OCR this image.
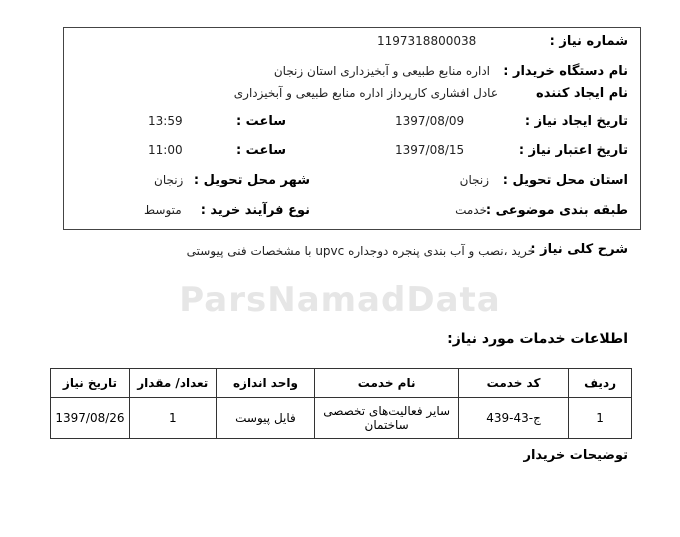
ParsNamadData
شماره نیاز :
1197318800038
نام دستگاه خریدار :
اداره منابع طبیعی و آبخیزداری استان زنجان
نام ایجاد کننده
عادل افشاری کارپرداز اداره منابع طبیعی و آبخیزداری
تاریخ ایجاد نیاز :
1397/08/09
ساعت :
13:59
تاریخ اعتبار نیاز :
1397/08/15
ساعت :
11:00
استان محل تحویل :
زنجان
شهر محل تحویل :
زنجان
طبقه بندی موضوعی :
خدمت
نوع فرآیند خرید :
متوسط
شرح کلی نیاز :
خرید ،نصب و آب بندی پنجره دوجداره upvc با مشخصات فنی پیوستی
اطلاعات خدمات مورد نیاز:
ردیف	کد خدمت	نام خدمت	واحد اندازه	تعداد/ مقدار	تاریخ نیاز
1	ج-43-439	سایر فعالیت‌های تخصصی ساختمان	فایل پیوست	1	1397/08/26
توضیحات خریدار
